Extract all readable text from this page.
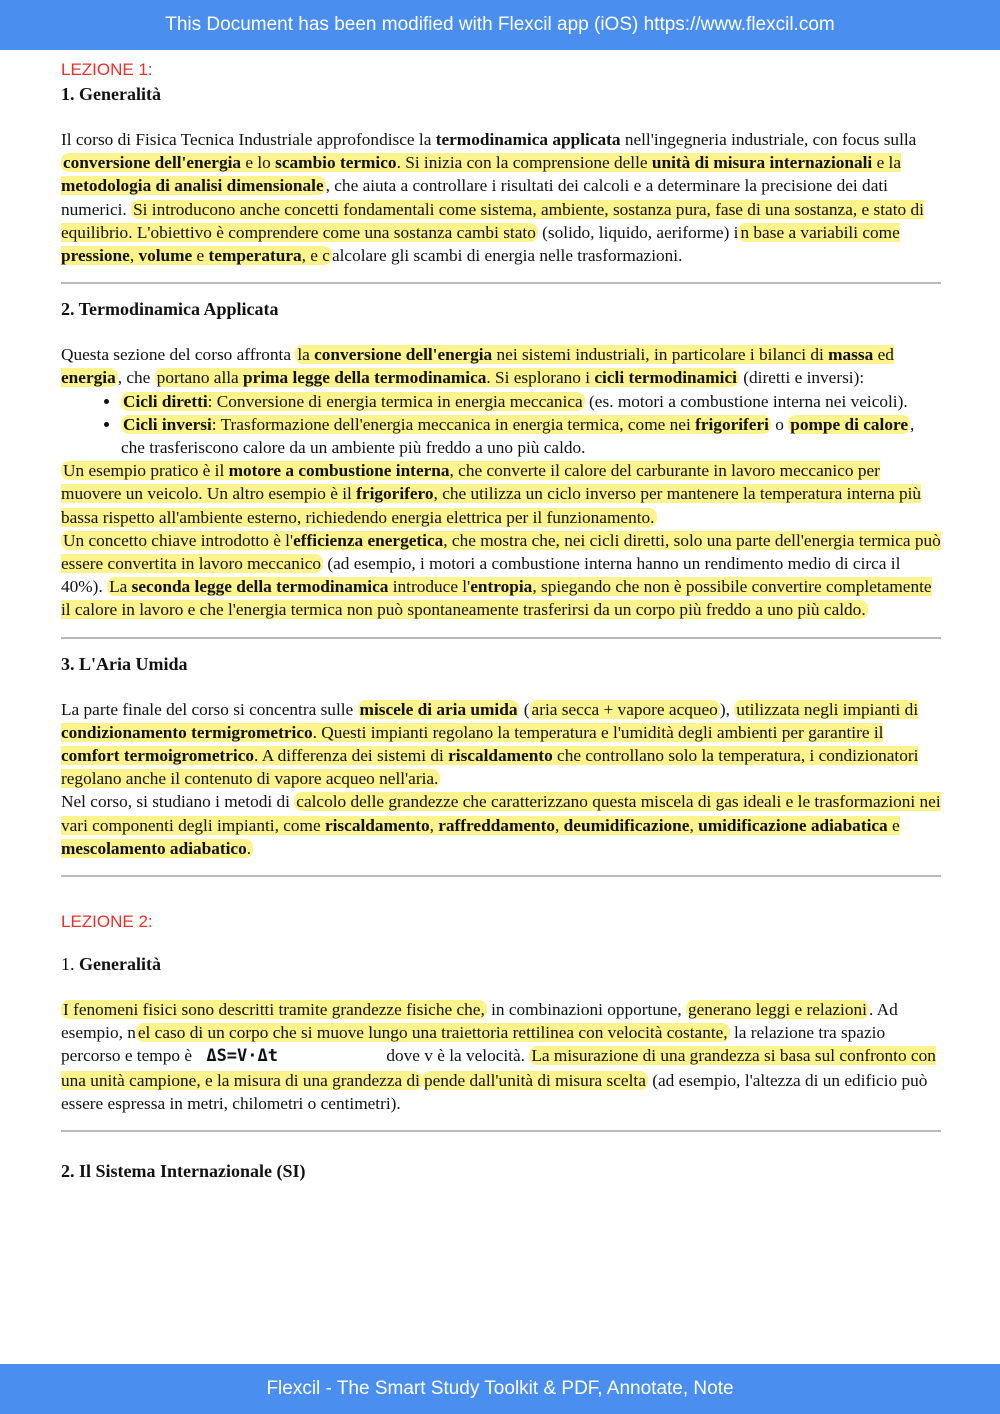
This Document has been modified with Flexcil app (iOS) https://www.flexcil.com
LEZIONE 1:
1. Generalità

Il corso di Fisica Tecnica Industriale approfondisce la termodinamica applicata nell'ingegneria industriale, con focus sulla conversione dell'energia e lo scambio termico. Si inizia con la comprensione delle unità di misura internazionali e la metodologia di analisi dimensionale , che aiuta a controllare i risultati dei calcoli e a determinare la precisione dei dati numerici. Si introducono anche concetti fondamentali come sistema, ambiente, sostanza pura, fase di una sostanza, e stato di equilibrio. L'obiettivo è comprendere come una sostanza cambi stato (solido, liquido, aeriforme) i n base a variabili come pressione, volume e temperatura, e c alcolare gli scambi di energia nelle trasformazioni.

2. Termodinamica Applicata

Questa sezione del corso affronta la conversione dell'energia nei sistemi industriali, in particolare i bilanci di massa ed energia , che portano alla prima legge della termodinamica. Si esplorano i cicli termodinamici (diretti e inversi):

• Cicli diretti: Conversione di energia termica in energia meccanica (es. motori a combustione interna nei veicoli).
• Cicli inversi: Trasformazione dell'energia meccanica in energia termica, come nei frigoriferi o pompe di calore , che trasferiscono calore da un ambiente più freddo a uno più caldo.

Un esempio pratico è il motore a combustione interna, che converte il calore del carburante in lavoro meccanico per muovere un veicolo. Un altro esempio è il frigorifero, che utilizza un ciclo inverso per mantenere la temperatura interna più bassa rispetto all'ambiente esterno, richiedendo energia elettrica per il funzionamento.

Un concetto chiave introdotto è l'efficienza energetica, che mostra che, nei cicli diretti, solo una parte dell'energia termica può essere convertita in lavoro meccanico (ad esempio, i motori a combustione interna hanno un rendimento medio di circa il 40%). La seconda legge della termodinamica introduce l'entropia, spiegando che non è possibile convertire completamente il calore in lavoro e che l'energia termica non può spontaneamente trasferirsi da un corpo più freddo a uno più caldo.

3. L'Aria Umida

La parte finale del corso si concentra sulle miscele di aria umida ( aria secca + vapore acqueo ), utilizzata negli impianti di condizionamento termigrometrico. Questi impianti regolano la temperatura e l'umidità degli ambienti per garantire il comfort termoigrometrico. A differenza dei sistemi di riscaldamento che controllano solo la temperatura, i condizionatori regolano anche il contenuto di vapore acqueo nell'aria.

Nel corso, si studiano i metodi di calcolo delle grandezze che caratterizzano questa miscela di gas ideali e le trasformazioni nei vari componenti degli impianti, come riscaldamento, raffreddamento, deumidificazione, umidificazione adiabatica e mescolamento adiabatico.

LEZIONE 2:
1. Generalità

I fenomeni fisici sono descritti tramite grandezze fisiche che, in combinazioni opportune, generano leggi e relazioni . Ad esempio, n el caso di un corpo che si muove lungo una traiettoria rettilinea con velocità costante, la relazione tra spazio percorso e tempo è ΔS=V·Δt	dove v è la velocità. La misurazione di una grandezza si basa sul confronto con una unità campione, e la misura di una grandezza di pende dall'unità di misura scelta (ad esempio, l'altezza di un edificio può essere espressa in metri, chilometri o centimetri).

2. Il Sistema Internazionale (SI)
Flexcil - The Smart Study Toolkit & PDF, Annotate, Note
